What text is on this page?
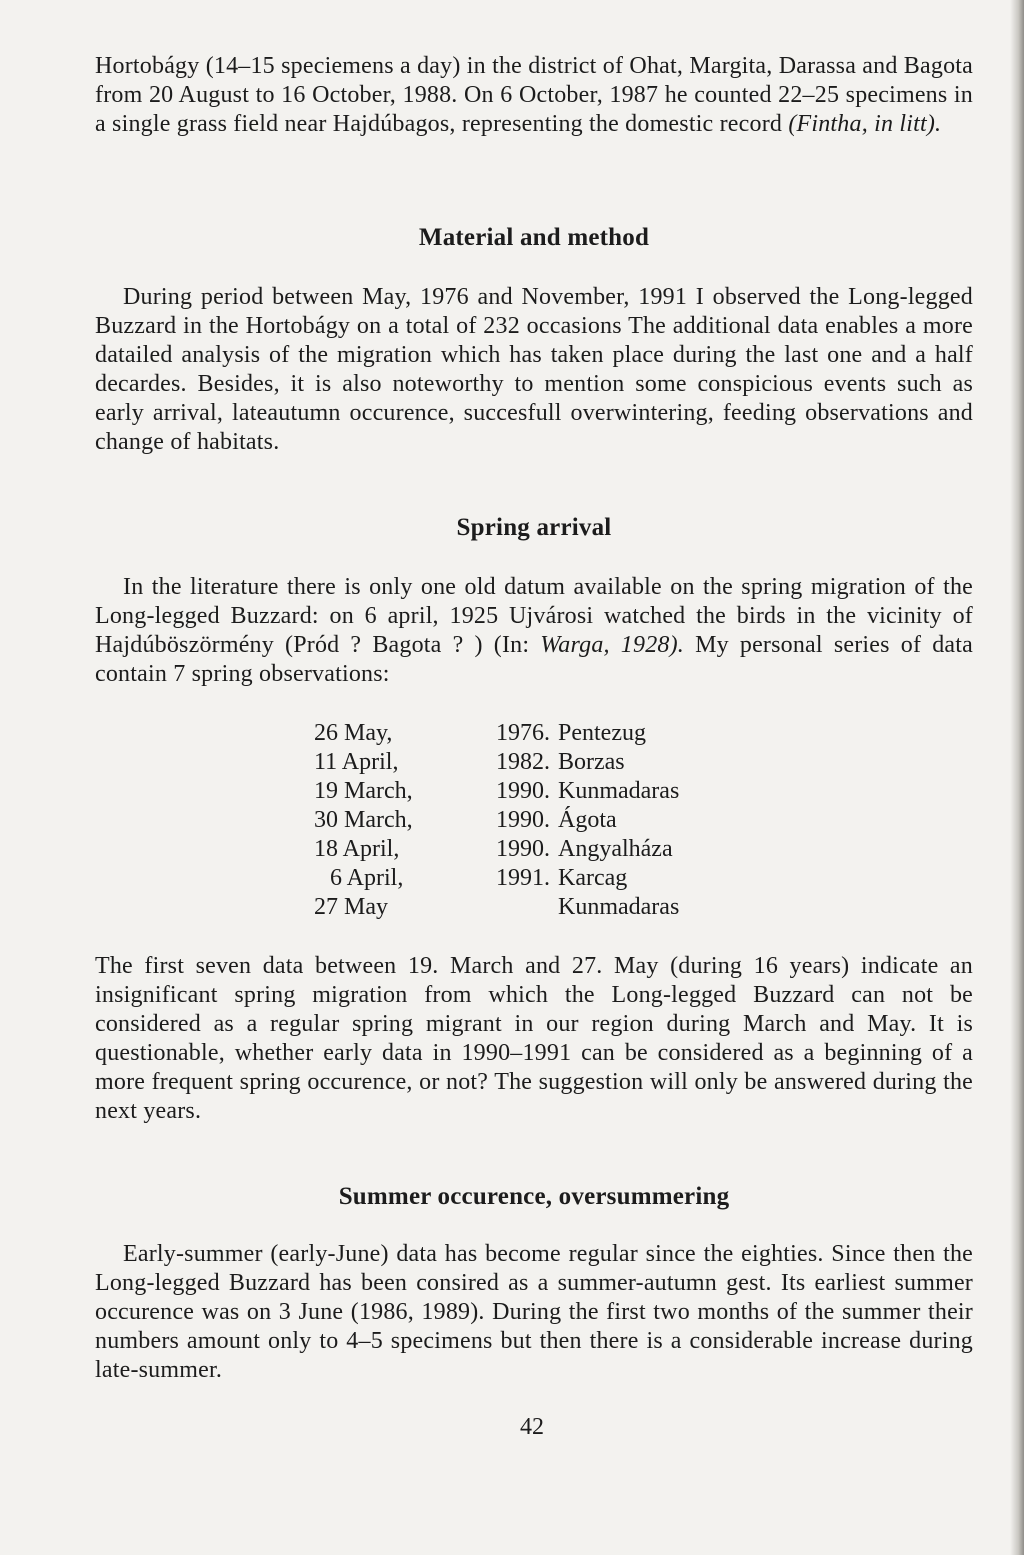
Hortobágy (14–15 speciemens a day) in the district of Ohat, Margita, Darassa and Bagota from 20 August to 16 October, 1988. On 6 October, 1987 he counted 22–25 specimens in a single grass field near Hajdúbagos, representing the domestic record (Fintha, in litt).

Material and method

During period between May, 1976 and November, 1991 I observed the Long-legged Buzzard in the Hortobágy on a total of 232 occasions The additional data enables a more datailed analysis of the migration which has taken place during the last one and a half decardes. Besides, it is also noteworthy to mention some conspicious events such as early arrival, lateautumn occurence, succesfull overwintering, feeding observations and change of habitats.

Spring arrival

In the literature there is only one old datum available on the spring migration of the Long-legged Buzzard: on 6 april, 1925 Ujvárosi watched the birds in the vicinity of Hajdúböszörmény (Pród ? Bagota ? ) (In: Warga, 1928). My personal series of data contain 7 spring observations:

26 May,	1976.	Pentezug
11 April,	1982.	Borzas
19 March,	1990.	Kunmadaras
30 March,	1990.	Ágota
18 April,	1990.	Angyalháza
6 April,	1991.	Karcag
27 May		Kunmadaras

The first seven data between 19. March and 27. May (during 16 years) indicate an insignificant spring migration from which the Long-legged Buzzard can not be considered as a regular spring migrant in our region during March and May. It is questionable, whether early data in 1990–1991 can be considered as a beginning of a more frequent spring occurence, or not? The suggestion will only be answered during the next years.

Summer occurence, oversummering

Early-summer (early-June) data has become regular since the eighties. Since then the Long-legged Buzzard has been consired as a summer-autumn gest. Its earliest summer occurence was on 3 June (1986, 1989). During the first two months of the summer their numbers amount only to 4–5 specimens but then there is a considerable increase during late-summer.

42
